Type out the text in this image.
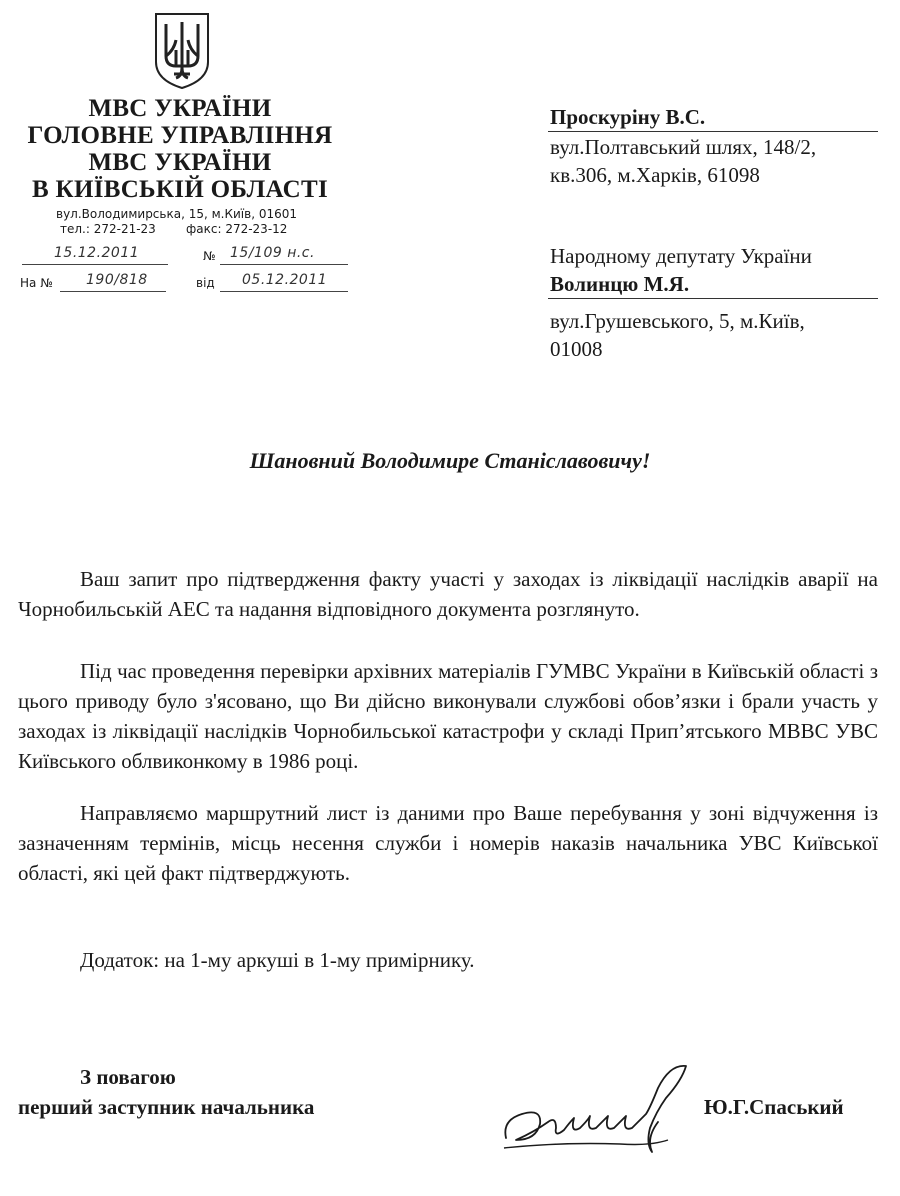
МВС УКРАЇНИ
ГОЛОВНЕ УПРАВЛІННЯ
МВС УКРАЇНИ
В КИЇВСЬКІЙ ОБЛАСТІ
вул.Володимирська, 15, м.Київ, 01601
тел.: 272-21-23	факс: 272-23-12
15.12.2011	№ 15/109 н.с.
На № 190/818	від 05.12.2011
Проскуріну В.С.
вул.Полтавський шлях, 148/2,
кв.306, м.Харків, 61098
Народному депутату України
Волинцю М.Я.
вул.Грушевського, 5, м.Київ,
01008
Шановний Володимире Станіславовичу!
Ваш запит про підтвердження факту участі у заходах із ліквідації наслідків аварії на Чорнобильській АЕС та надання відповідного документа розглянуто.
Під час проведення перевірки архівних матеріалів ГУМВС України в Київській області з цього приводу було з'ясовано, що Ви дійсно виконували службові обов’язки і брали участь у заходах із ліквідації наслідків Чорнобильської катастрофи у складі Прип’ятського МВВС УВС Київського облвиконкому в 1986 році.
Направляємо маршрутний лист із даними про Ваше перебування у зоні відчуження із зазначенням термінів, місць несення служби і номерів наказів начальника УВС Київської області, які цей факт підтверджують.
Додаток: на 1-му аркуші в 1-му примірнику.
З повагою
перший заступник начальника	Ю.Г.Спаський
